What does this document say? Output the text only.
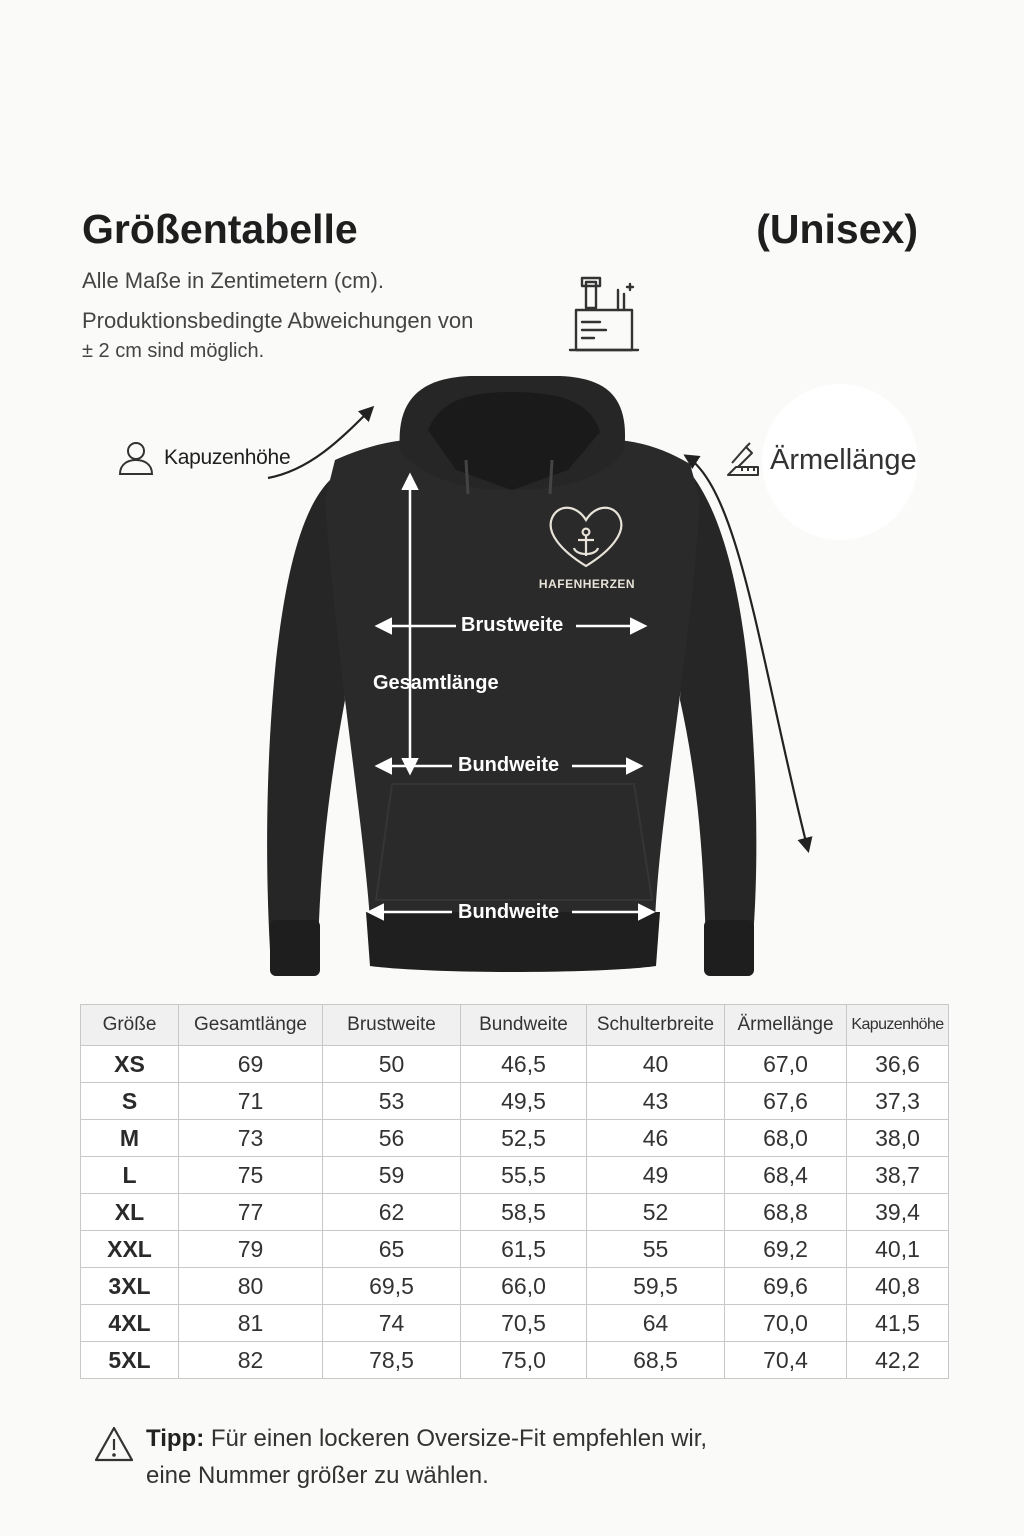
Größentabelle	(Unisex)
Alle Maße in Zentimetern (cm).
Produktionsbedingte Abweichungen von
± 2 cm sind möglich.
HAFENHERZEN
Kapuzenhöhe	Ärmellänge
Brustweite
Gesamtlänge
Bundweite
Bundweite
Größe	Gesamtlänge	Brustweite	Bundweite	Schulterbreite	Ärmellänge	Kapuzenhöhe
XS	69	50	46,5	40	67,0	36,6
S	71	53	49,5	43	67,6	37,3
M	73	56	52,5	46	68,0	38,0
L	75	59	55,5	49	68,4	38,7
XL	77	62	58,5	52	68,8	39,4
XXL	79	65	61,5	55	69,2	40,1
3XL	80	69,5	66,0	59,5	69,6	40,8
4XL	81	74	70,5	64	70,0	41,5
5XL	82	78,5	75,0	68,5	70,4	42,2
Tipp: Für einen lockeren Oversize-Fit empfehlen wir,
eine Nummer größer zu wählen.
